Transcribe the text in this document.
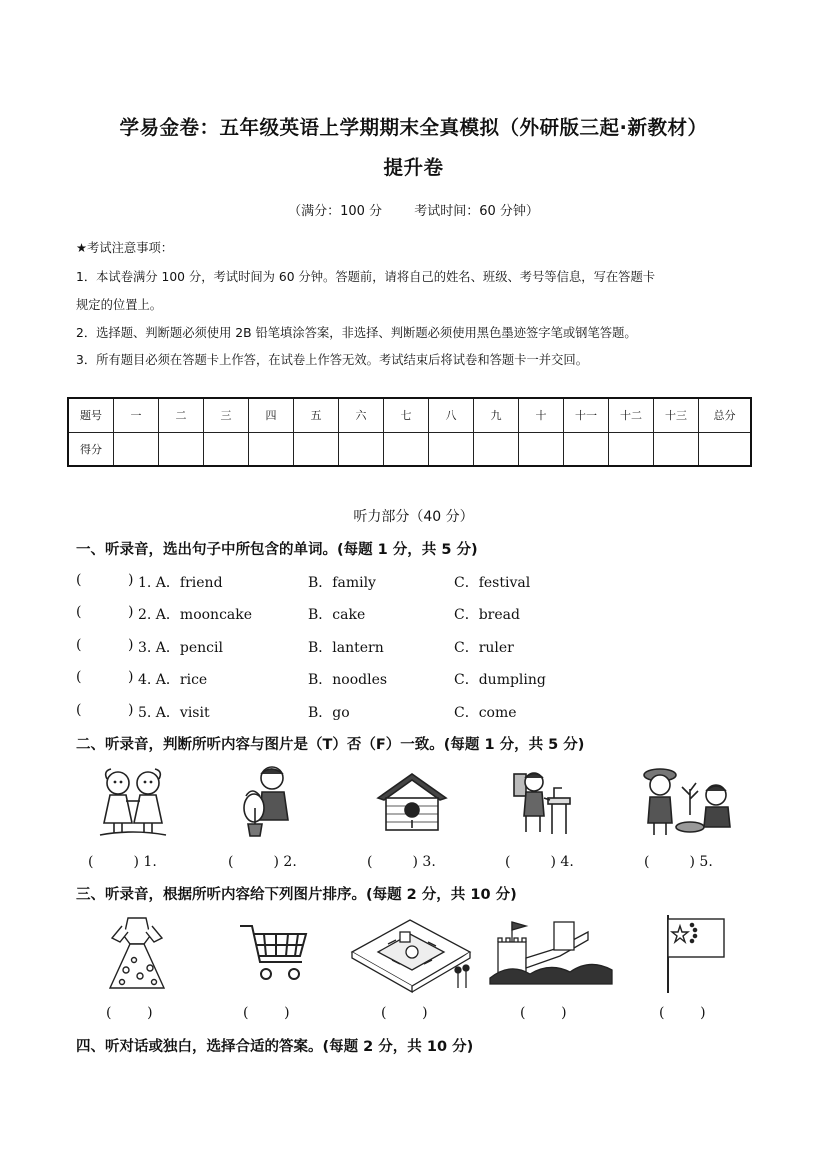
学易金卷：五年级英语上学期期末全真模拟（外研版三起·新教材）
提升卷
（满分：100 分 考试时间：60 分钟）
★考试注意事项：
1．本试卷满分 100 分，考试时间为 60 分钟。答题前，请将自己的姓名、班级、考号等信息，写在答题卡
规定的位置上。
2．选择题、判断题必须使用 2B 铅笔填涂答案，非选择、判断题必须使用黑色墨迹签字笔或钢笔答题。
3．所有题目必须在答题卡上作答，在试卷上作答无效。考试结束后将试卷和答题卡一并交回。
题号	一	二	三	四	五	六	七	八	九	十	十一	十二	十三	总分
得分														
听力部分（40 分）
一、听录音，选出句子中所包含的单词。(每题 1 分，共 5 分)
(	) 1. A．friend	B．family	C．festival
(	) 2. A．mooncake	B．cake	C．bread
(	) 3. A．pencil	B．lantern	C．ruler
(	) 4. A．rice	B．noodles	C．dumpling
(	) 5. A．visit	B．go	C．come
二、听录音，判断所听内容与图片是（T）否（F）一致。(每题 1 分，共 5 分)
(         ) 1.	(         ) 2.	(         ) 3.	(         ) 4.	(         ) 5.
三、听录音，根据所听内容给下列图片排序。(每题 2 分，共 10 分)
(        )	(        )	(        )	(        )	(        )
四、听对话或独白，选择合适的答案。(每题 2 分，共 10 分)
